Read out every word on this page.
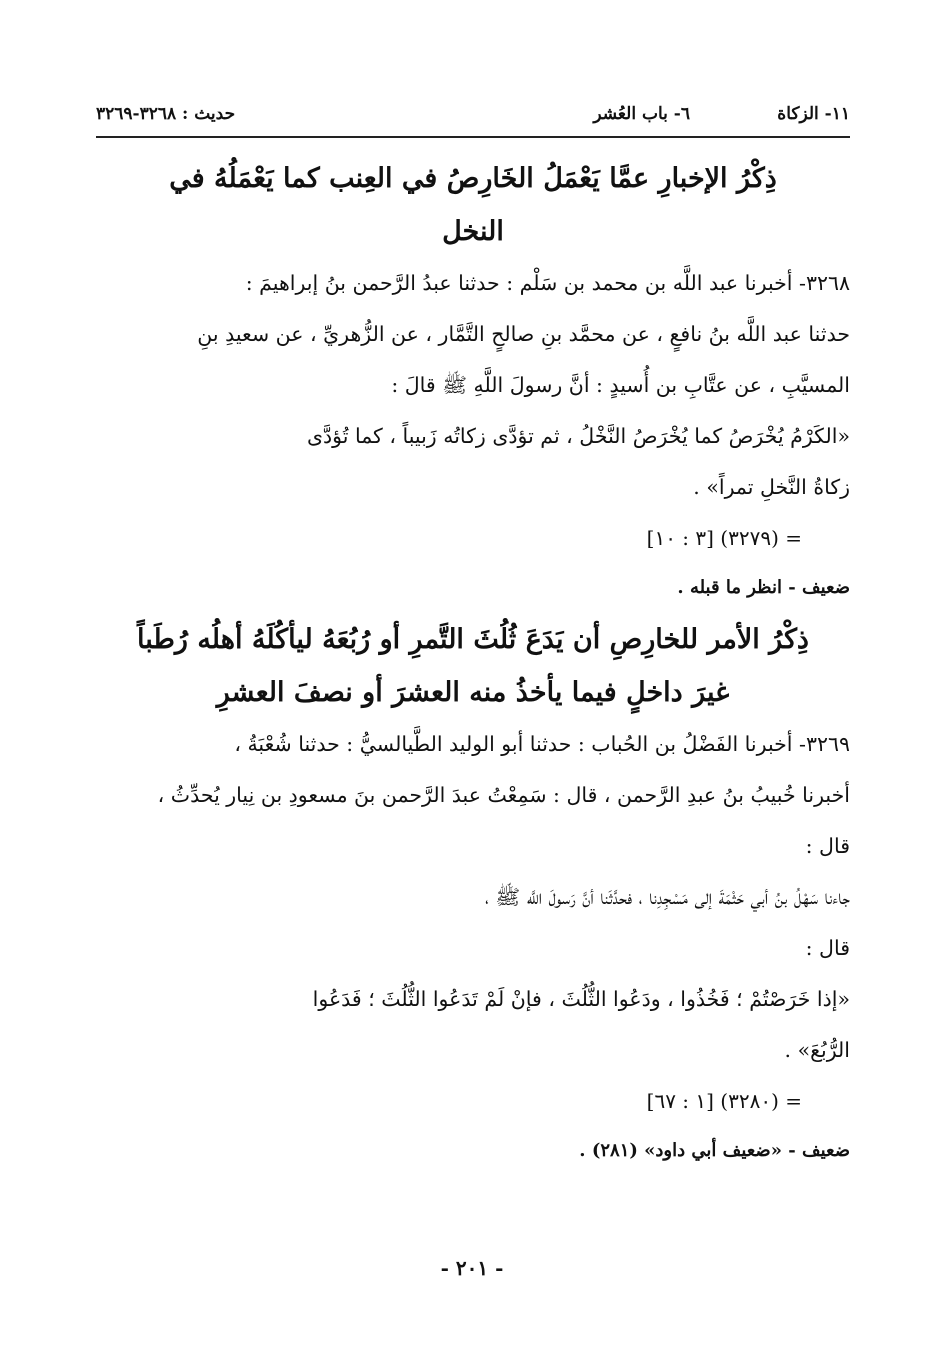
١١- الزكاة
٦- باب العُشر
حديث : ٣٢٦٨-٣٢٦٩
ذِكْرُ الإخبارِ عمَّا يَعْمَلُ الخَارِصُ في العِنب كما يَعْمَلُهُ في
النخل

٣٢٦٨- أخبرنا عبد اللَّه بن محمد بن سَلْم : حدثنا عبدُ الرَّحمن بنُ إبراهيمَ :

حدثنا عبد اللَّه بنُ نافعٍ ، عن محمَّد بنِ صالحٍ التَّمَّار ، عن الزُّهريِّ ، عن سعيدِ بنِ

المسيَّبِ ، عن عتَّابِ بن أُسيدٍ : أنَّ رسولَ اللَّهِ ﷺ قالَ :

«الكَرْمُ يُخْرَصُ كما يُخْرَصُ النَّخْلُ ، ثم تؤدَّى زكاتُه زَبيباً ، كما تُؤدَّى

زكاةُ النَّخلِ تمراً» .

= (٣٢٧٩) [٣ : ١٠]

ضعيف - انظر ما قبله .

ذِكْرُ الأمر للخارِصِ أن يَدَعَ ثُلُثَ التَّمرِ أو رُبُعَهُ ليأكُلَهُ أهلُه رُطَباً
غيرَ داخلٍ فيما يأخذُ منه العشرَ أو نصفَ العشرِ

٣٢٦٩- أخبرنا الفَضْلُ بن الحُباب : حدثنا أبو الوليد الطَّيالسيُّ : حدثنا شُعْبَةُ ،

أخبرنا خُبيبُ بنُ عبدِ الرَّحمن ، قال : سَمِعْتُ عبدَ الرَّحمن بنَ مسعودِ بن نِيار يُحدِّثُ ،

قال :

جاءنا سَهْلُ بنُ أبي حَثْمَةَ إلى مَسْجِدِنا ، فحدَّثَنا أنَّ رَسولَ اللَّه ﷺ ،

قال :

«إذا خَرَصْتُمْ ؛ فَخُذُوا ، ودَعُوا الثُّلُثَ ، فإنْ لَمْ تَدَعُوا الثُّلُثَ ؛ فَدَعُوا

الرُّبُعَ» .

= (٣٢٨٠) [١ : ٦٧]

ضعيف - «ضعيف أبي داود» (٢٨١) .

- ٢٠١ -
